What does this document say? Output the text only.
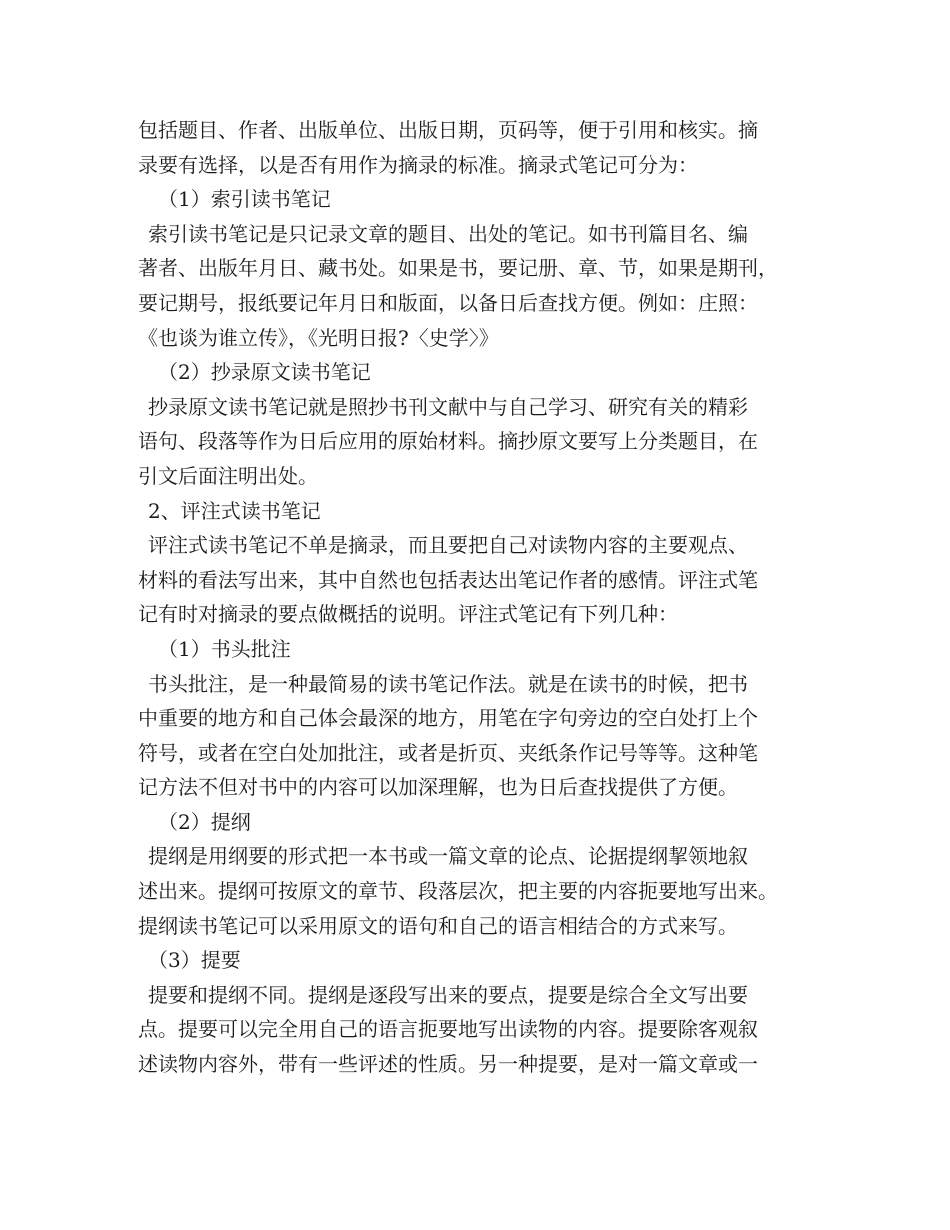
包括题目、作者、出版单位、出版日期，页码等，便于引用和核实。摘
录要有选择，以是否有用作为摘录的标准。摘录式笔记可分为：
（1）索引读书笔记
索引读书笔记是只记录文章的题目、出处的笔记。如书刊篇目名、编
著者、出版年月日、藏书处。如果是书，要记册、章、节，如果是期刊，
要记期号，报纸要记年月日和版面，以备日后查找方便。例如：庄照：
《也谈为谁立传》，《光明日报?〈史学〉》
（2）抄录原文读书笔记
抄录原文读书笔记就是照抄书刊文献中与自己学习、研究有关的精彩
语句、段落等作为日后应用的原始材料。摘抄原文要写上分类题目，在
引文后面注明出处。
2、评注式读书笔记
评注式读书笔记不单是摘录，而且要把自己对读物内容的主要观点、
材料的看法写出来，其中自然也包括表达出笔记作者的感情。评注式笔
记有时对摘录的要点做概括的说明。评注式笔记有下列几种：
（1）书头批注
书头批注，是一种最简易的读书笔记作法。就是在读书的时候，把书
中重要的地方和自己体会最深的地方，用笔在字句旁边的空白处打上个
符号，或者在空白处加批注，或者是折页、夹纸条作记号等等。这种笔
记方法不但对书中的内容可以加深理解，也为日后查找提供了方便。
（2）提纲
提纲是用纲要的形式把一本书或一篇文章的论点、论据提纲挈领地叙
述出来。提纲可按原文的章节、段落层次，把主要的内容扼要地写出来。
提纲读书笔记可以采用原文的语句和自己的语言相结合的方式来写。
（3）提要
提要和提纲不同。提纲是逐段写出来的要点，提要是综合全文写出要
点。提要可以完全用自己的语言扼要地写出读物的内容。提要除客观叙
述读物内容外，带有一些评述的性质。另一种提要，是对一篇文章或一
